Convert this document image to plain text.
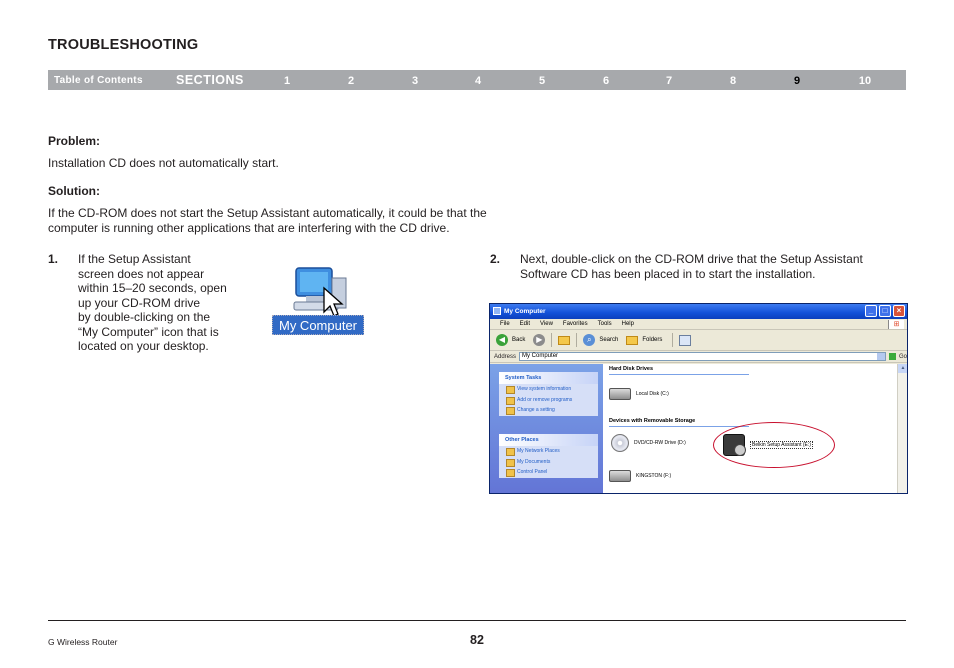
TROUBLESHOOTING
Table of Contents	SECTIONS	1	2	3	4	5	6	7	8	9	10
Problem:
Installation CD does not automatically start.
Solution:
If the CD-ROM does not start the Setup Assistant automatically, it could be that the
computer is running other applications that are interfering with the CD drive.
1. If the Setup Assistant
screen does not appear
within 15–20 seconds, open
up your CD-ROM drive
by double-clicking on the
“My Computer” icon that is
located on your desktop.
My Computer
2. Next, double-click on the CD-ROM drive that the Setup Assistant
Software CD has been placed in to start the installation.
My Computer	_	□	×
File Edit View Favorites Tools Help	⊞
◀	Back	▶	⌕	Search	Folders
Address	My Computer	Go
System Tasks
View system information
Add or remove programs
Change a setting
Other Places
My Network Places
My Documents
Control Panel
Hard Disk Drives
Local Disk (C:)
Devices with Removable Storage
DVD/CD-RW Drive (D:)	Belkin Setup Assistant (E:)
KINGSTON (F:)
▲
G Wireless Router	82
